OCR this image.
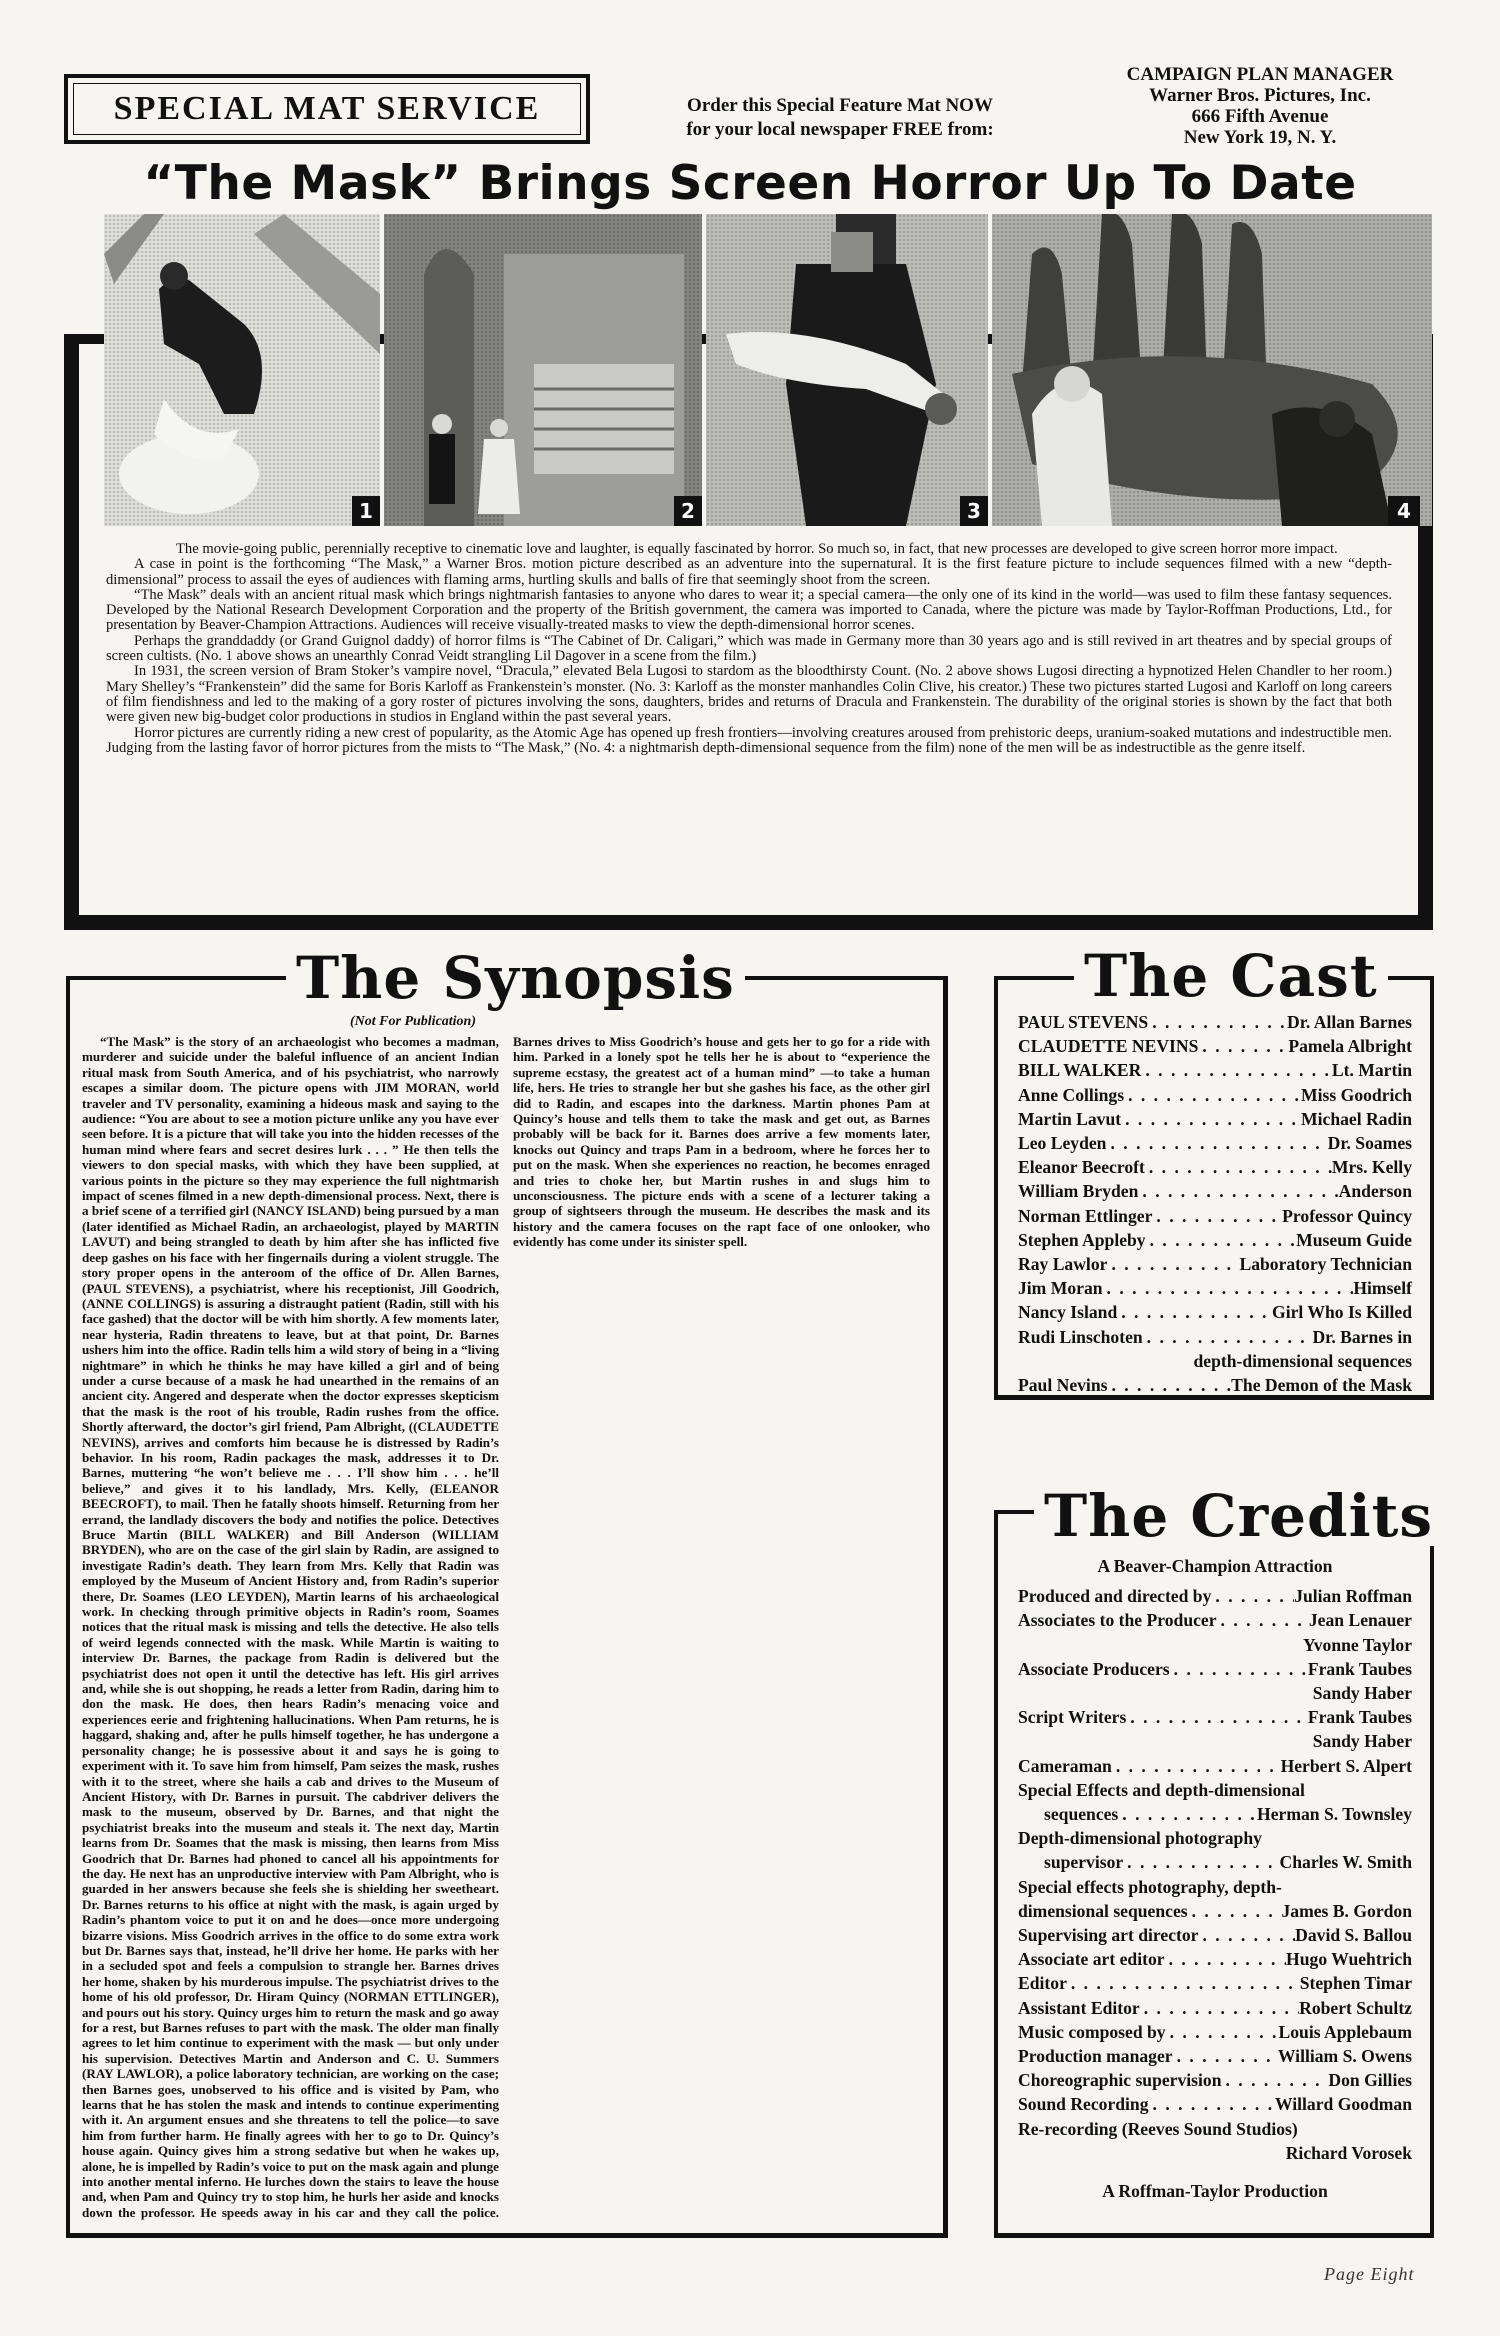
SPECIAL MAT SERVICE	Order this Special Feature Mat NOW
for your local newspaper FREE from:
CAMPAIGN PLAN MANAGER
Warner Bros. Pictures, Inc.
666 Fifth Avenue
New York 19, N. Y.
“The Mask” Brings Screen Horror Up To Date
1	2	3	4

The movie-going public, perennially receptive to cinematic love and laughter, is equally fascinated by horror. So much so, in fact, that new processes are developed to give screen horror more impact.

A case in point is the forthcoming “The Mask,” a Warner Bros. motion picture described as an adventure into the supernatural. It is the first feature picture to include sequences filmed with a new “depth-dimensional” process to assail the eyes of audiences with flaming arms, hurtling skulls and balls of fire that seemingly shoot from the screen.

“The Mask” deals with an ancient ritual mask which brings nightmarish fantasies to anyone who dares to wear it; a special camera—the only one of its kind in the world—was used to film these fantasy sequences. Developed by the National Research Development Corporation and the property of the British government, the camera was imported to Canada, where the picture was made by Taylor-Roffman Productions, Ltd., for presentation by Beaver-Champion Attractions. Audiences will receive visually-treated masks to view the depth-dimensional horror scenes.

Perhaps the granddaddy (or Grand Guignol daddy) of horror films is “The Cabinet of Dr. Caligari,” which was made in Germany more than 30 years ago and is still revived in art theatres and by special groups of screen cultists. (No. 1 above shows an unearthly Conrad Veidt strangling Lil Dagover in a scene from the film.)

In 1931, the screen version of Bram Stoker’s vampire novel, “Dracula,” elevated Bela Lugosi to stardom as the bloodthirsty Count. (No. 2 above shows Lugosi directing a hypnotized Helen Chandler to her room.) Mary Shelley’s “Frankenstein” did the same for Boris Karloff as Frankenstein’s monster. (No. 3: Karloff as the monster manhandles Colin Clive, his creator.) These two pictures started Lugosi and Karloff on long careers of film fiendishness and led to the making of a gory roster of pictures involving the sons, daughters, brides and returns of Dracula and Frankenstein. The durability of the original stories is shown by the fact that both were given new big-budget color productions in studios in England within the past several years.

Horror pictures are currently riding a new crest of popularity, as the Atomic Age has opened up fresh frontiers—involving creatures aroused from prehistoric deeps, uranium-soaked mutations and indestructible men. Judging from the lasting favor of horror pictures from the mists to “The Mask,” (No. 4: a nightmarish depth-dimensional sequence from the film) none of the men will be as indestructible as the genre itself.

The Synopsis
(Not For Publication)

“The Mask” is the story of an archaeologist who becomes a madman, murderer and suicide under the baleful influence of an ancient Indian ritual mask from South America, and of his psychiatrist, who narrowly escapes a similar doom. The picture opens with JIM MORAN, world traveler and TV personality, examining a hideous mask and saying to the audience: “You are about to see a motion picture unlike any you have ever seen before. It is a picture that will take you into the hidden recesses of the human mind where fears and secret desires lurk . . . ” He then tells the viewers to don special masks, with which they have been supplied, at various points in the picture so they may experience the full nightmarish impact of scenes filmed in a new depth-dimensional process. Next, there is a brief scene of a terrified girl (NANCY ISLAND) being pursued by a man (later identified as Michael Radin, an archaeologist, played by MARTIN LAVUT) and being strangled to death by him after she has inflicted five deep gashes on his face with her fingernails during a violent struggle. The story proper opens in the anteroom of the office of Dr. Allen Barnes, (PAUL STEVENS), a psychiatrist, where his receptionist, Jill Goodrich, (ANNE COLLINGS) is assuring a distraught patient (Radin, still with his face gashed) that the doctor will be with him shortly. A few moments later, near hysteria, Radin threatens to leave, but at that point, Dr. Barnes ushers him into the office. Radin tells him a wild story of being in a “living nightmare” in which he thinks he may have killed a girl and of being under a curse because of a mask he had unearthed in the remains of an ancient city. Angered and desperate when the doctor expresses skepticism that the mask is the root of his trouble, Radin rushes from the office. Shortly afterward, the doctor’s girl friend, Pam Albright, ((CLAUDETTE NEVINS), arrives and comforts him because he is distressed by Radin’s behavior. In his room, Radin packages the mask, addresses it to Dr. Barnes, muttering “he won’t believe me . . . I’ll show him . . . he’ll believe,” and gives it to his landlady, Mrs. Kelly, (ELEANOR BEECROFT), to mail. Then he fatally shoots himself. Returning from her errand, the landlady discovers the body and notifies the police. Detectives Bruce Martin (BILL WALKER) and Bill Anderson (WILLIAM BRYDEN), who are on the case of the girl slain by Radin, are assigned to investigate Radin’s death. They learn from Mrs. Kelly that Radin was employed by the Museum of Ancient History and, from Radin’s superior there, Dr. Soames (LEO LEYDEN), Martin learns of his archaeological work. In checking through primitive objects in Radin’s room, Soames notices that the ritual mask is missing and tells the detective. He also tells of weird legends connected with the mask. While Martin is waiting to interview Dr. Barnes, the package from Radin is delivered but the psychiatrist does not open it until the detective has left. His girl arrives and, while she is out shopping, he reads a letter from Radin, daring him to don the mask. He does, then hears Radin’s menacing voice and experiences eerie and frightening hallucinations. When Pam returns, he is haggard, shaking and, after he pulls himself together, he has undergone a personality change; he is possessive about it and says he is going to experiment with it. To save him from himself, Pam seizes the mask, rushes with it to the street, where she hails a cab and drives to the Museum of Ancient History, with Dr. Barnes in pursuit. The cabdriver delivers the mask to the museum, observed by Dr. Barnes, and that night the psychiatrist breaks into the museum and steals it. The next day, Martin learns from Dr. Soames that the mask is missing, then learns from Miss Goodrich that Dr. Barnes had phoned to cancel all his appointments for the day. He next has an unproductive interview with Pam Albright, who is guarded in her answers because she feels she is shielding her sweetheart. Dr. Barnes returns to his office at night with the mask, is again urged by Radin’s phantom voice to put it on and he does—once more undergoing bizarre visions. Miss Goodrich arrives in the office to do some extra work but Dr. Barnes says that, instead, he’ll drive her home. He parks with her in a secluded spot and feels a compulsion to strangle her. Barnes drives her home, shaken by his murderous impulse. The psychiatrist drives to the home of his old professor, Dr. Hiram Quincy (NORMAN ETTLINGER), and pours out his story. Quincy urges him to return the mask and go away for a rest, but Barnes refuses to part with the mask. The older man finally agrees to let him continue to experiment with the mask — but only under his supervision. Detectives Martin and Anderson and C. U. Summers (RAY LAWLOR), a police laboratory technician, are working on the case; then Barnes goes, unobserved to his office and is visited by Pam, who learns that he has stolen the mask and intends to continue experimenting with it. An argument ensues and she threatens to tell the police—to save him from further harm. He finally agrees with her to go to Dr. Quincy’s house again. Quincy gives him a strong sedative but when he wakes up, alone, he is impelled by Radin’s voice to put on the mask again and plunge into another mental inferno. He lurches down the stairs to leave the house and, when Pam and Quincy try to stop him, he hurls her aside and knocks down the professor. He speeds away in his car and they call the police. Barnes drives to Miss Goodrich’s house and gets her to go for a ride with him. Parked in a lonely spot he tells her he is about to “experience the supreme ecstasy, the greatest act of a human mind” —to take a human life, hers. He tries to strangle her but she gashes his face, as the other girl did to Radin, and escapes into the darkness. Martin phones Pam at Quincy’s house and tells them to take the mask and get out, as Barnes probably will be back for it. Barnes does arrive a few moments later, knocks out Quincy and traps Pam in a bedroom, where he forces her to put on the mask. When she experiences no reaction, he becomes enraged and tries to choke her, but Martin rushes in and slugs him to unconsciousness. The picture ends with a scene of a lecturer taking a group of sightseers through the museum. He describes the mask and its history and the camera focuses on the rapt face of one onlooker, who evidently has come under its sinister spell.

The Cast
PAUL STEVENS . . .	Dr. Allan Barnes
CLAUDETTE NEVINS . . .	Pamela Albright
BILL WALKER . . .	Lt. Martin
Anne Collings . . .	Miss Goodrich
Martin Lavut . . .	Michael Radin
Leo Leyden . . .	Dr. Soames
Eleanor Beecroft . . .	Mrs. Kelly
William Bryden . . .	Anderson
Norman Ettlinger . . .	Professor Quincy
Stephen Appleby . . .	Museum Guide
Ray Lawlor . . .	Laboratory Technician
Jim Moran . . .	Himself
Nancy Island . . .	Girl Who Is Killed
Rudi Linschoten . . .	Dr. Barnes in
depth-dimensional sequences
Paul Nevins . . .	The Demon of the Mask
The Credits
A Beaver-Champion Attraction
Produced and directed by . . .	Julian Roffman
Associates to the Producer . . .	Jean Lenauer
Yvonne Taylor
Associate Producers . . .	Frank Taubes
Sandy Haber
Script Writers . . .	Frank Taubes
Sandy Haber
Cameraman . . .	Herbert S. Alpert
Special Effects and depth-dimensional
sequences . . .	Herman S. Townsley
Depth-dimensional photography
supervisor . . .	Charles W. Smith
Special effects photography, depth-
dimensional sequences . . .	James B. Gordon
Supervising art director . . .	David S. Ballou
Associate art editor . . .	Hugo Wuehtrich
Editor . . .	Stephen Timar
Assistant Editor . . .	Robert Schultz
Music composed by . . .	Louis Applebaum
Production manager . . .	William S. Owens
Choreographic supervision . . .	Don Gillies
Sound Recording . . .	Willard Goodman
Re-recording (Reeves Sound Studios)
Richard Vorosek
A Roffman-Taylor Production
Page Eight
